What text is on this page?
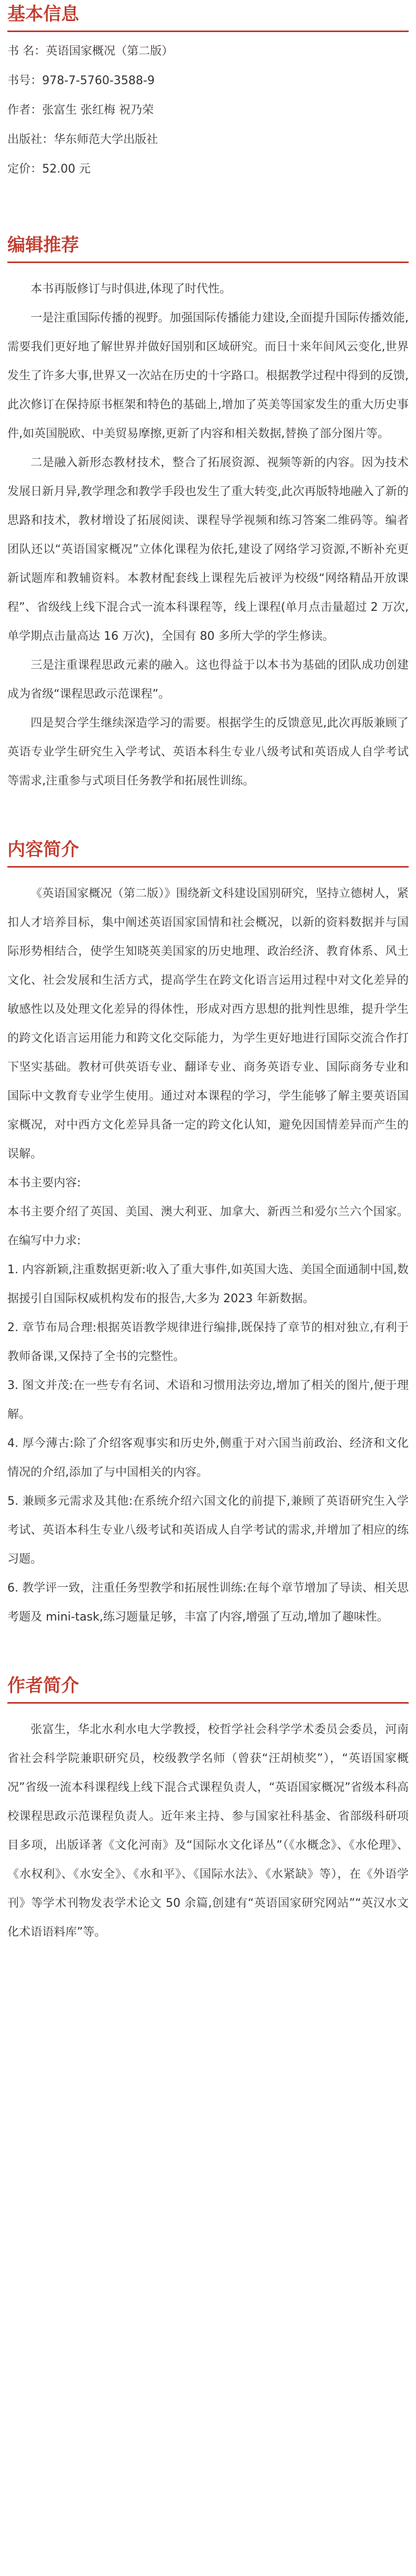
基本信息

书 名：英语国家概况（第二版）

书号：978-7-5760-3588-9

作者：张富生 张红梅 祝乃荣

出版社：华东师范大学出版社

定价：52.00 元

编辑推荐

本书再版修订与时俱进,体现了时代性。

一是注重国际传播的视野。加强国际传播能力建设,全面提升国际传播效能,需要我们更好地了解世界并做好国别和区域研究。而日十来年间风云变化,世界发生了许多大事,世界又一次站在历史的十字路口。根据教学过程中得到的反馈,此次修订在保持原书框架和特色的基础上,增加了英美等国家发生的重大历史事件,如英国脱欧、中美贸易摩擦,更新了内容和相关数据,替换了部分图片等。

二是融入新形态教材技术，整合了拓展资源、视频等新的内容。因为技术发展日新月异,教学理念和教学手段也发生了重大转变,此次再版特地融入了新的思路和技术，教材增设了拓展阅读、课程导学视频和练习答案二维码等。编者团队还以“英语国家概况”立体化课程为依托,建设了网络学习资源,不断补充更新试题库和教辅资料。本教材配套线上课程先后被评为校级“网络精品开放课程”、省级线上线下混合式一流本科课程等，线上课程(单月点击量超过 2 万次,单学期点击量高达 16 万次)，全国有 80 多所大学的学生修读。

三是注重课程思政元素的融入。这也得益于以本书为基础的团队成功创建成为省级“课程思政示范课程”。

四是契合学生继续深造学习的需要。根据学生的反馈意见,此次再版兼顾了英语专业学生研究生入学考试、英语本科生专业八级考试和英语成人自学考试等需求,注重参与式项目任务教学和拓展性训练。

内容简介

《英语国家概况（第二版）》围绕新文科建设国别研究，坚持立德树人，紧扣人才培养目标，集中阐述英语国家国情和社会概况，以新的资料数据并与国际形势相结合，使学生知晓英美国家的历史地理、政治经济、教育体系、风土文化、社会发展和生活方式，提高学生在跨文化语言运用过程中对文化差异的敏感性以及处理文化差异的得体性，形成对西方思想的批判性思维，提升学生的跨文化语言运用能力和跨文化交际能力，为学生更好地进行国际交流合作打下坚实基础。教材可供英语专业、翻译专业、商务英语专业、国际商务专业和国际中文教育专业学生使用。通过对本课程的学习，学生能够了解主要英语国家概况，对中西方文化差异具备一定的跨文化认知，避免因国情差异而产生的误解。

本书主要内容:

本书主要介绍了英国、美国、澳大利亚、加拿大、新西兰和爱尔兰六个国家。在编写中力求:

1. 内容新颖,注重数据更新:收入了重大事件,如英国大选、美国全面通制中国,数据援引自国际权威机构发布的报告,大多为 2023 年新数据。

2. 章节布局合理:根据英语教学规律进行编排,既保持了章节的相对独立,有利于教师备课,又保持了全书的完整性。

3. 图文并茂:在一些专有名词、术语和习惯用法旁边,增加了相关的图片,便于理解。

4. 厚今薄古:除了介绍客观事实和历史外,侧重于对六国当前政治、经济和文化情况的介绍,添加了与中国相关的内容。

5. 兼顾多元需求及其他:在系统介绍六国文化的前提下,兼顾了英语研究生入学考试、英语本科生专业八级考试和英语成人自学考试的需求,并增加了相应的练习题。

6. 教学评一致，注重任务型教学和拓展性训练:在每个章节增加了导读、相关思考题及 mini-task,练习题量足够，丰富了内容,增强了互动,增加了趣味性。

作者简介

张富生，华北水利水电大学教授，校哲学社会科学学术委员会委员，河南省社会科学院兼职研究员，校级教学名师（曾获“汪胡桢奖”），“英语国家概况”省级一流本科课程线上线下混合式课程负责人，“英语国家概况”省级本科高校课程思政示范课程负责人。近年来主持、参与国家社科基金、省部级科研项目多项，出版译著《文化河南》及“国际水文化译丛”（《水概念》、《水伦理》、《水权利》、《水安全》、《水和平》、《国际水法》、《水紧缺》等），在《外语学刊》等学术刊物发表学术论文 50 余篇,创建有“英语国家研究网站”“英汉水文化术语语料库”等。
